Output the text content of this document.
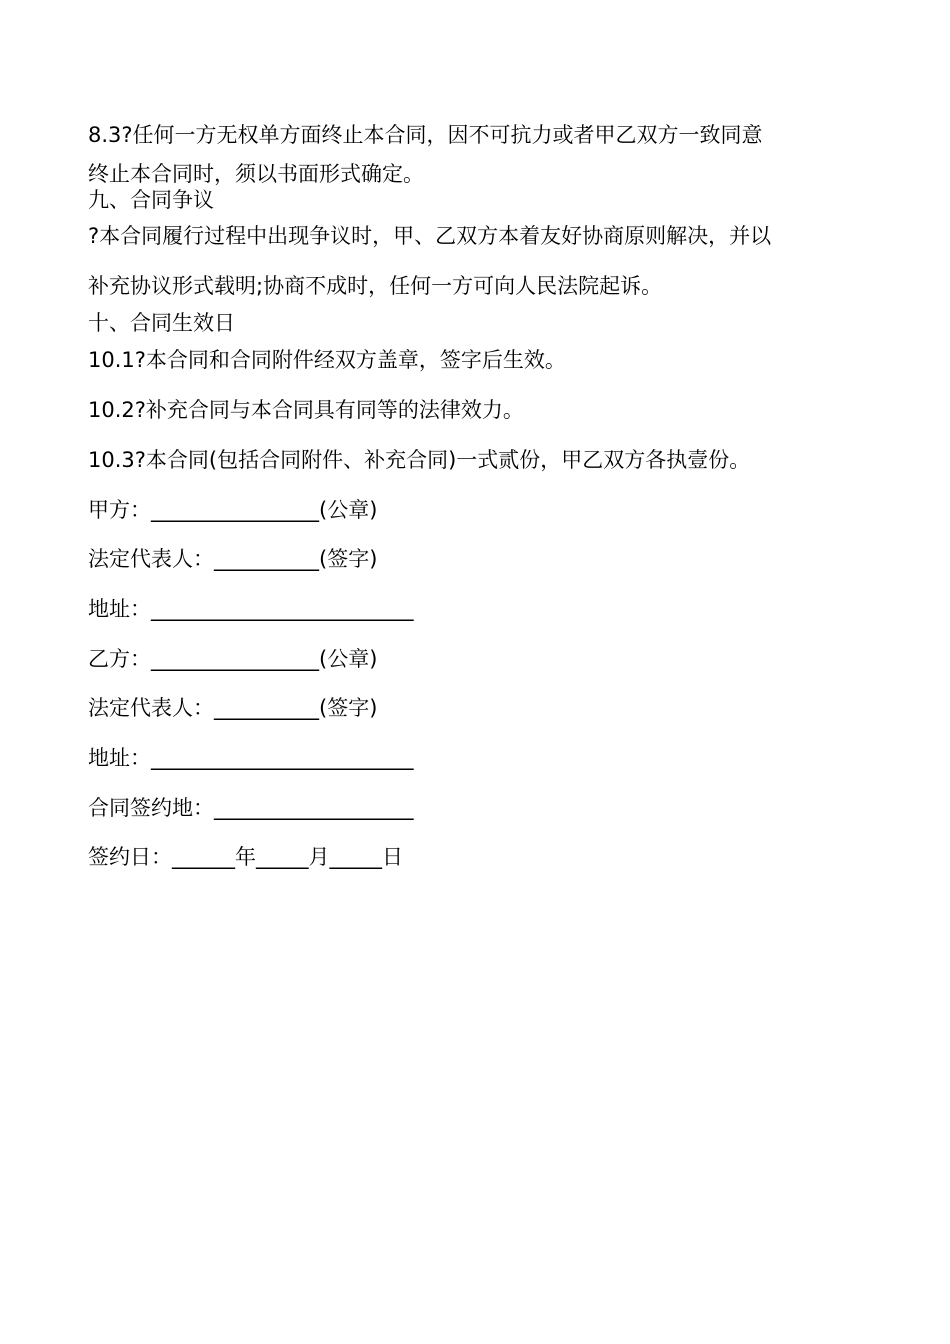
8.3?任何一方无权单方面终止本合同，因不可抗力或者甲乙双方一致同意

终止本合同时，须以书面形式确定。

九、合同争议

?本合同履行过程中出现争议时，甲、乙双方本着友好协商原则解决，并以

补充协议形式载明;协商不成时，任何一方可向人民法院起诉。

十、合同生效日

10.1?本合同和合同附件经双方盖章，签字后生效。

10.2?补充合同与本合同具有同等的法律效力。

10.3?本合同(包括合同附件、补充合同)一式贰份，甲乙双方各执壹份。

甲方：________________(公章)

法定代表人：__________(签字)

地址：_________________________

乙方：________________(公章)

法定代表人：__________(签字)

地址：_________________________

合同签约地：___________________

签约日：______年_____月_____日
